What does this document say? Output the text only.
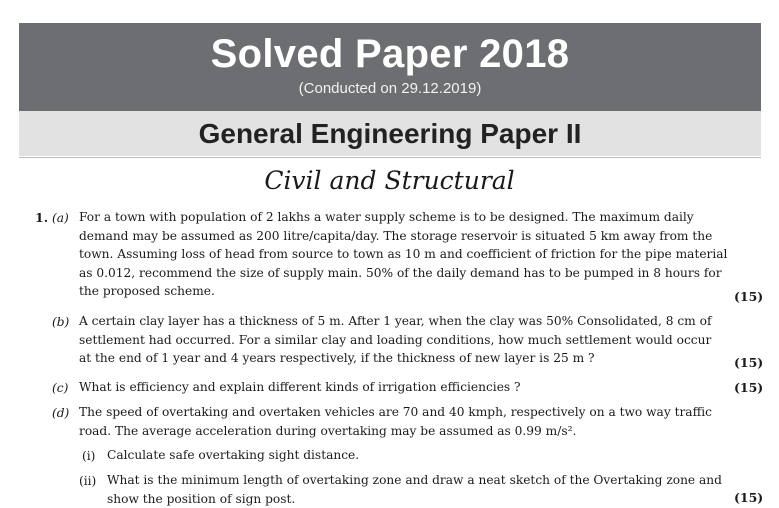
Solved Paper 2018
(Conducted on 29.12.2019)
General Engineering Paper II
Civil and Structural
1. (a) For a town with population of 2 lakhs a water supply scheme is to be designed. The maximum daily
demand may be assumed as 200 litre/capita/day. The storage reservoir is situated 5 km away from the
town. Assuming loss of head from source to town as 10 m and coefficient of friction for the pipe material
as 0.012, recommend the size of supply main. 50% of the daily demand has to be pumped in 8 hours for
the proposed scheme.	(15)
(b) A certain clay layer has a thickness of 5 m. After 1 year, when the clay was 50% Consolidated, 8 cm of
settlement had occurred. For a similar clay and loading conditions, how much settlement would occur
at the end of 1 year and 4 years respectively, if the thickness of new layer is 25 m ?	(15)
(c) What is efficiency and explain different kinds of irrigation efficiencies ?	(15)
(d) The speed of overtaking and overtaken vehicles are 70 and 40 kmph, respectively on a two way traffic
road. The average acceleration during overtaking may be assumed as 0.99 m/s².
(i) Calculate safe overtaking sight distance.
(ii) What is the minimum length of overtaking zone and draw a neat sketch of the Overtaking zone and
show the position of sign post.	(15)
